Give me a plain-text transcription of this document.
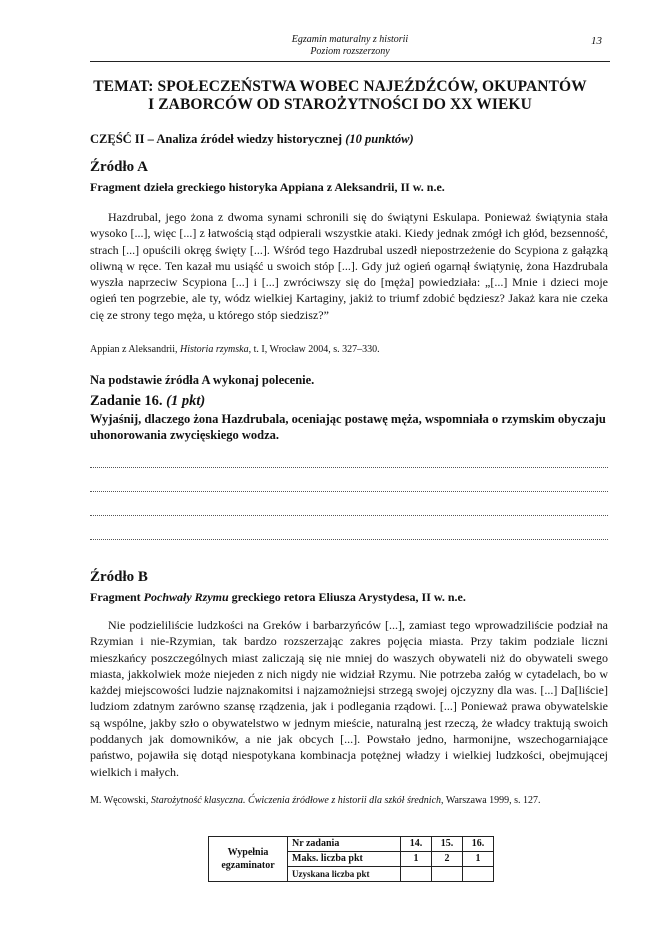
Egzamin maturalny z historii
Poziom rozszerzony
13
TEMAT: SPOŁECZEŃSTWA WOBEC NAJEŹDŹCÓW, OKUPANTÓW
I ZABORCÓW OD STAROŻYTNOŚCI DO XX WIEKU
CZĘŚĆ II – Analiza źródeł wiedzy historycznej (10 punktów)
Źródło A
Fragment dzieła greckiego historyka Appiana z Aleksandrii, II w. n.e.

Hazdrubal, jego żona z dwoma synami schronili się do świątyni Eskulapa. Ponieważ świątynia stała wysoko [...], więc [...] z łatwością stąd odpierali wszystkie ataki. Kiedy jednak zmógł ich głód, bezsenność, strach [...] opuścili okręg święty [...]. Wśród tego Hazdrubal uszedł niepostrzeżenie do Scypiona z gałązką oliwną w ręce. Ten kazał mu usiąść u swoich stóp [...]. Gdy już ogień ogarnął świątynię, żona Hazdrubala wyszła naprzeciw Scypiona [...] i [...] zwróciwszy się do [męża] powiedziała: „[...] Mnie i dzieci moje ogień ten pogrzebie, ale ty, wódz wielkiej Kartaginy, jakiż to triumf zdobić będziesz? Jakaż kara nie czeka cię ze strony tego męża, u którego stóp siedzisz?”

Appian z Aleksandrii, Historia rzymska, t. I, Wrocław 2004, s. 327–330.
Na podstawie źródła A wykonaj polecenie.
Zadanie 16. (1 pkt)
Wyjaśnij, dlaczego żona Hazdrubala, oceniając postawę męża, wspomniała o rzymskim obyczaju uhonorowania zwycięskiego wodza.
Źródło B
Fragment Pochwały Rzymu greckiego retora Eliusza Arystydesa, II w. n.e.

Nie podzieliliście ludzkości na Greków i barbarzyńców [...], zamiast tego wprowadziliście podział na Rzymian i nie-Rzymian, tak bardzo rozszerzając zakres pojęcia miasta. Przy takim podziale liczni mieszkańcy poszczególnych miast zaliczają się nie mniej do waszych obywateli niż do obywateli swego miasta, jakkolwiek może niejeden z nich nigdy nie widział Rzymu. Nie potrzeba załóg w cytadelach, bo w każdej miejscowości ludzie najznakomitsi i najzamożniejsi strzegą swojej ojczyzny dla was. [...] Da[liście] ludziom zdatnym zarówno szansę rządzenia, jak i podlegania rządowi. [...] Ponieważ prawa obywatelskie są wspólne, jakby szło o obywatelstwo w jednym mieście, naturalną jest rzeczą, że władcy traktują swoich poddanych jak domowników, a nie jak obcych [...]. Powstało jedno, harmonijne, wszechogarniające państwo, pojawiła się dotąd niespotykana kombinacja potężnej władzy i wielkiej ludzkości, obejmującej wielkich i małych.

M. Węcowski, Starożytność klasyczna. Ćwiczenia źródłowe z historii dla szkół średnich, Warszawa 1999, s. 127.
Wypełnia
egzaminator	Nr zadania	14.	15.	16.
	Maks. liczba pkt	1	2	1
	Uzyskana liczba pkt			
